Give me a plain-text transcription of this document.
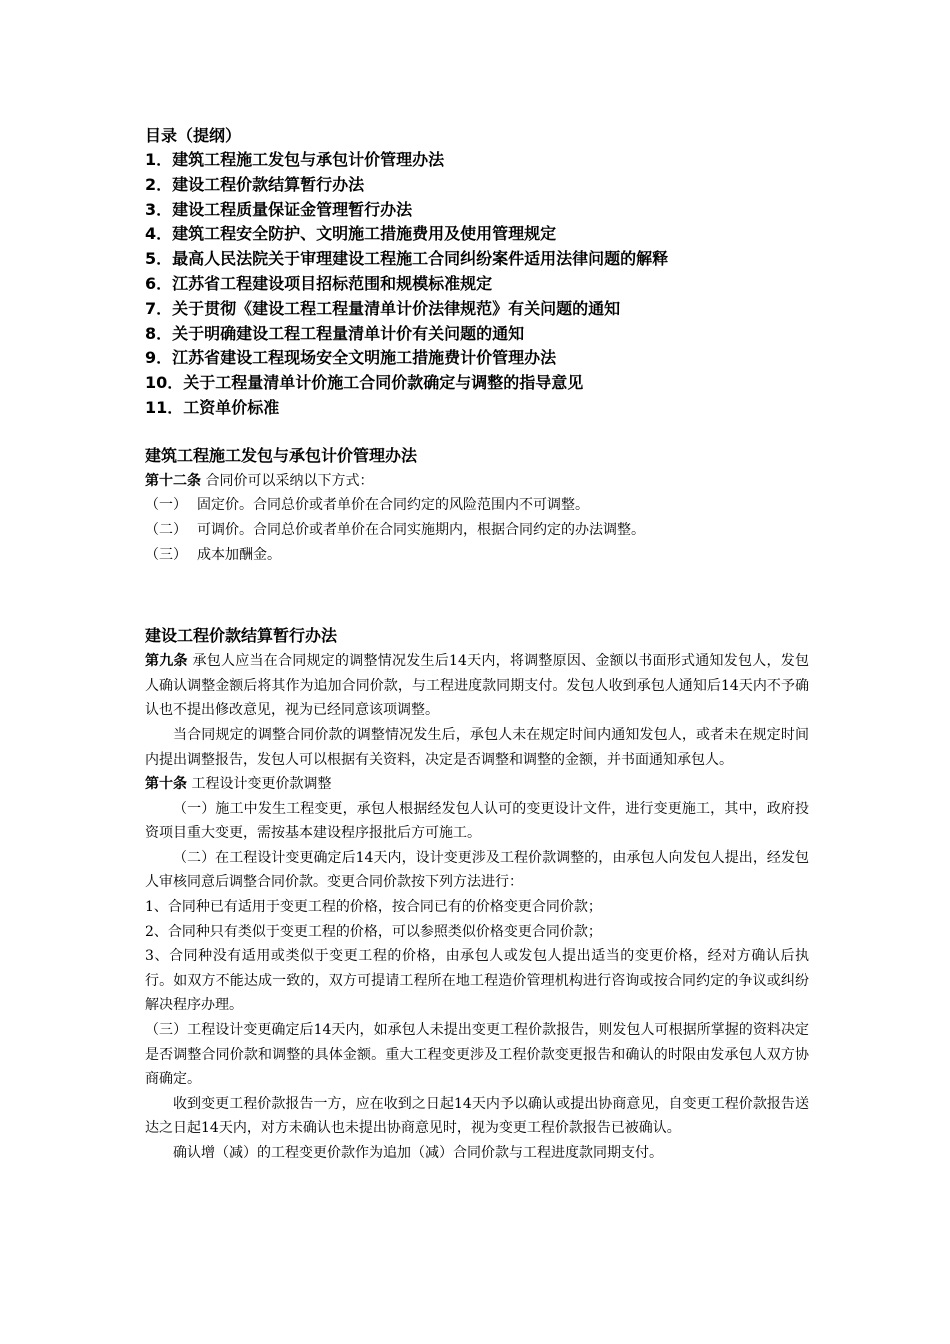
目录（提纲）
1．建筑工程施工发包与承包计价管理办法
2．建设工程价款结算暂行办法
3．建设工程质量保证金管理暂行办法
4．建筑工程安全防护、文明施工措施费用及使用管理规定
5．最高人民法院关于审理建设工程施工合同纠纷案件适用法律问题的解释
6．江苏省工程建设项目招标范围和规模标准规定
7．关于贯彻《建设工程工程量清单计价法律规范》有关问题的通知
8．关于明确建设工程工程量清单计价有关问题的通知
9．江苏省建设工程现场安全文明施工措施费计价管理办法
10．关于工程量清单计价施工合同价款确定与调整的指导意见
11．工资单价标准
建筑工程施工发包与承包计价管理办法
第十二条 合同价可以采纳以下方式：
（一） 固定价。合同总价或者单价在合同约定的风险范围内不可调整。
（二） 可调价。合同总价或者单价在合同实施期内，根据合同约定的办法调整。
（三） 成本加酬金。
建设工程价款结算暂行办法
第九条 承包人应当在合同规定的调整情况发生后14天内，将调整原因、金额以书面形式通知发包人，发包人确认调整金额后将其作为追加合同价款，与工程进度款同期支付。发包人收到承包人通知后14天内不予确认也不提出修改意见，视为已经同意该项调整。
当合同规定的调整合同价款的调整情况发生后，承包人未在规定时间内通知发包人，或者未在规定时间内提出调整报告，发包人可以根据有关资料，决定是否调整和调整的金额，并书面通知承包人。
第十条 工程设计变更价款调整
（一）施工中发生工程变更，承包人根据经发包人认可的变更设计文件，进行变更施工，其中，政府投资项目重大变更，需按基本建设程序报批后方可施工。
（二）在工程设计变更确定后14天内，设计变更涉及工程价款调整的，由承包人向发包人提出，经发包人审核同意后调整合同价款。变更合同价款按下列方法进行：
1、合同种已有适用于变更工程的价格，按合同已有的价格变更合同价款；
2、合同种只有类似于变更工程的价格，可以参照类似价格变更合同价款；
3、合同种没有适用或类似于变更工程的价格，由承包人或发包人提出适当的变更价格，经对方确认后执行。如双方不能达成一致的，双方可提请工程所在地工程造价管理机构进行咨询或按合同约定的争议或纠纷解决程序办理。
（三）工程设计变更确定后14天内，如承包人未提出变更工程价款报告，则发包人可根据所掌握的资料决定是否调整合同价款和调整的具体金额。重大工程变更涉及工程价款变更报告和确认的时限由发承包人双方协商确定。
收到变更工程价款报告一方，应在收到之日起14天内予以确认或提出协商意见，自变更工程价款报告送达之日起14天内，对方未确认也未提出协商意见时，视为变更工程价款报告已被确认。
确认增（减）的工程变更价款作为追加（减）合同价款与工程进度款同期支付。
